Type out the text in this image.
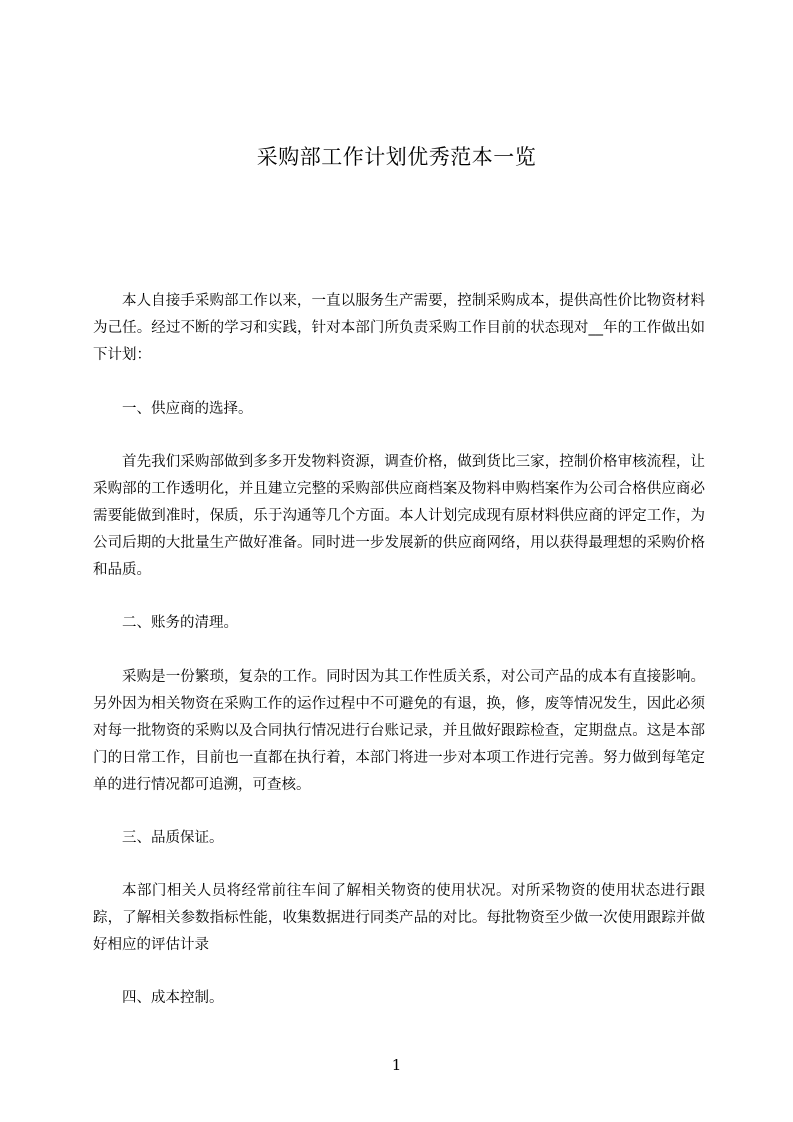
采购部工作计划优秀范本一览

本人自接手采购部工作以来，一直以服务生产需要，控制采购成本，提供高性价比物资材料为己任。经过不断的学习和实践，针对本部门所负责采购工作目前的状态现对__年的工作做出如下计划：

一、供应商的选择。

首先我们采购部做到多多开发物料资源，调查价格，做到货比三家，控制价格审核流程，让采购部的工作透明化，并且建立完整的采购部供应商档案及物料申购档案作为公司合格供应商必需要能做到准时，保质，乐于沟通等几个方面。本人计划完成现有原材料供应商的评定工作，为公司后期的大批量生产做好准备。同时进一步发展新的供应商网络，用以获得最理想的采购价格和品质。

二、账务的清理。

采购是一份繁琐，复杂的工作。同时因为其工作性质关系，对公司产品的成本有直接影响。另外因为相关物资在采购工作的运作过程中不可避免的有退，换，修，废等情况发生，因此必须对每一批物资的采购以及合同执行情况进行台账记录，并且做好跟踪检查，定期盘点。这是本部门的日常工作，目前也一直都在执行着，本部门将进一步对本项工作进行完善。努力做到每笔定单的进行情况都可追溯，可查核。

三、品质保证。

本部门相关人员将经常前往车间了解相关物资的使用状况。对所采物资的使用状态进行跟踪，了解相关参数指标性能，收集数据进行同类产品的对比。每批物资至少做一次使用跟踪并做好相应的评估计录

四、成本控制。

1
